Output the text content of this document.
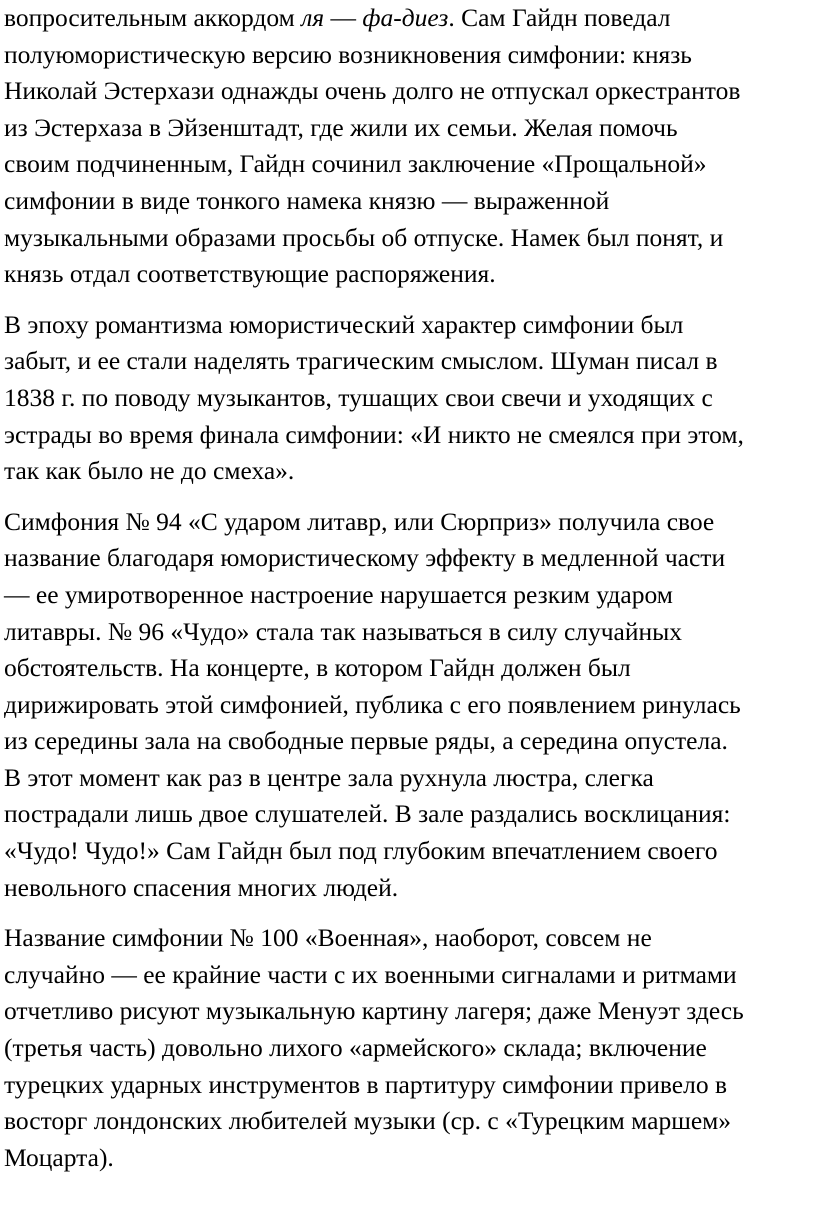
вопросительным аккордом ля — фа-диез. Сам Гайдн поведал
полуюмористическую версию возникновения симфонии: князь
Николай Эстерхази однажды очень долго не отпускал оркестрантов
из Эстерхаза в Эйзенштадт, где жили их семьи. Желая помочь
своим подчиненным, Гайдн сочинил заключение «Прощальной»
симфонии в виде тонкого намека князю — выраженной
музыкальными образами просьбы об отпуске. Намек был понят, и
князь отдал соответствующие распоряжения.
В эпоху романтизма юмористический характер симфонии был
забыт, и ее стали наделять трагическим смыслом. Шуман писал в
1838 г. по поводу музыкантов, тушащих свои свечи и уходящих с
эстрады во время финала симфонии: «И никто не смеялся при этом,
так как было не до смеха».
Симфония № 94 «С ударом литавр, или Сюрприз» получила свое
название благодаря юмористическому эффекту в медленной части
— ее умиротворенное настроение нарушается резким ударом
литавры. № 96 «Чудо» стала так называться в силу случайных
обстоятельств. На концерте, в котором Гайдн должен был
дирижировать этой симфонией, публика с его появлением ринулась
из середины зала на свободные первые ряды, а середина опустела.
В этот момент как раз в центре зала рухнула люстра, слегка
пострадали лишь двое слушателей. В зале раздались восклицания:
«Чудо! Чудо!» Сам Гайдн был под глубоким впечатлением своего
невольного спасения многих людей.
Название симфонии № 100 «Военная», наоборот, совсем не
случайно — ее крайние части с их военными сигналами и ритмами
отчетливо рисуют музыкальную картину лагеря; даже Менуэт здесь
(третья часть) довольно лихого «армейского» склада; включение
турецких ударных инструментов в партитуру симфонии привело в
восторг лондонских любителей музыки (ср. с «Турецким маршем»
Моцарта).
